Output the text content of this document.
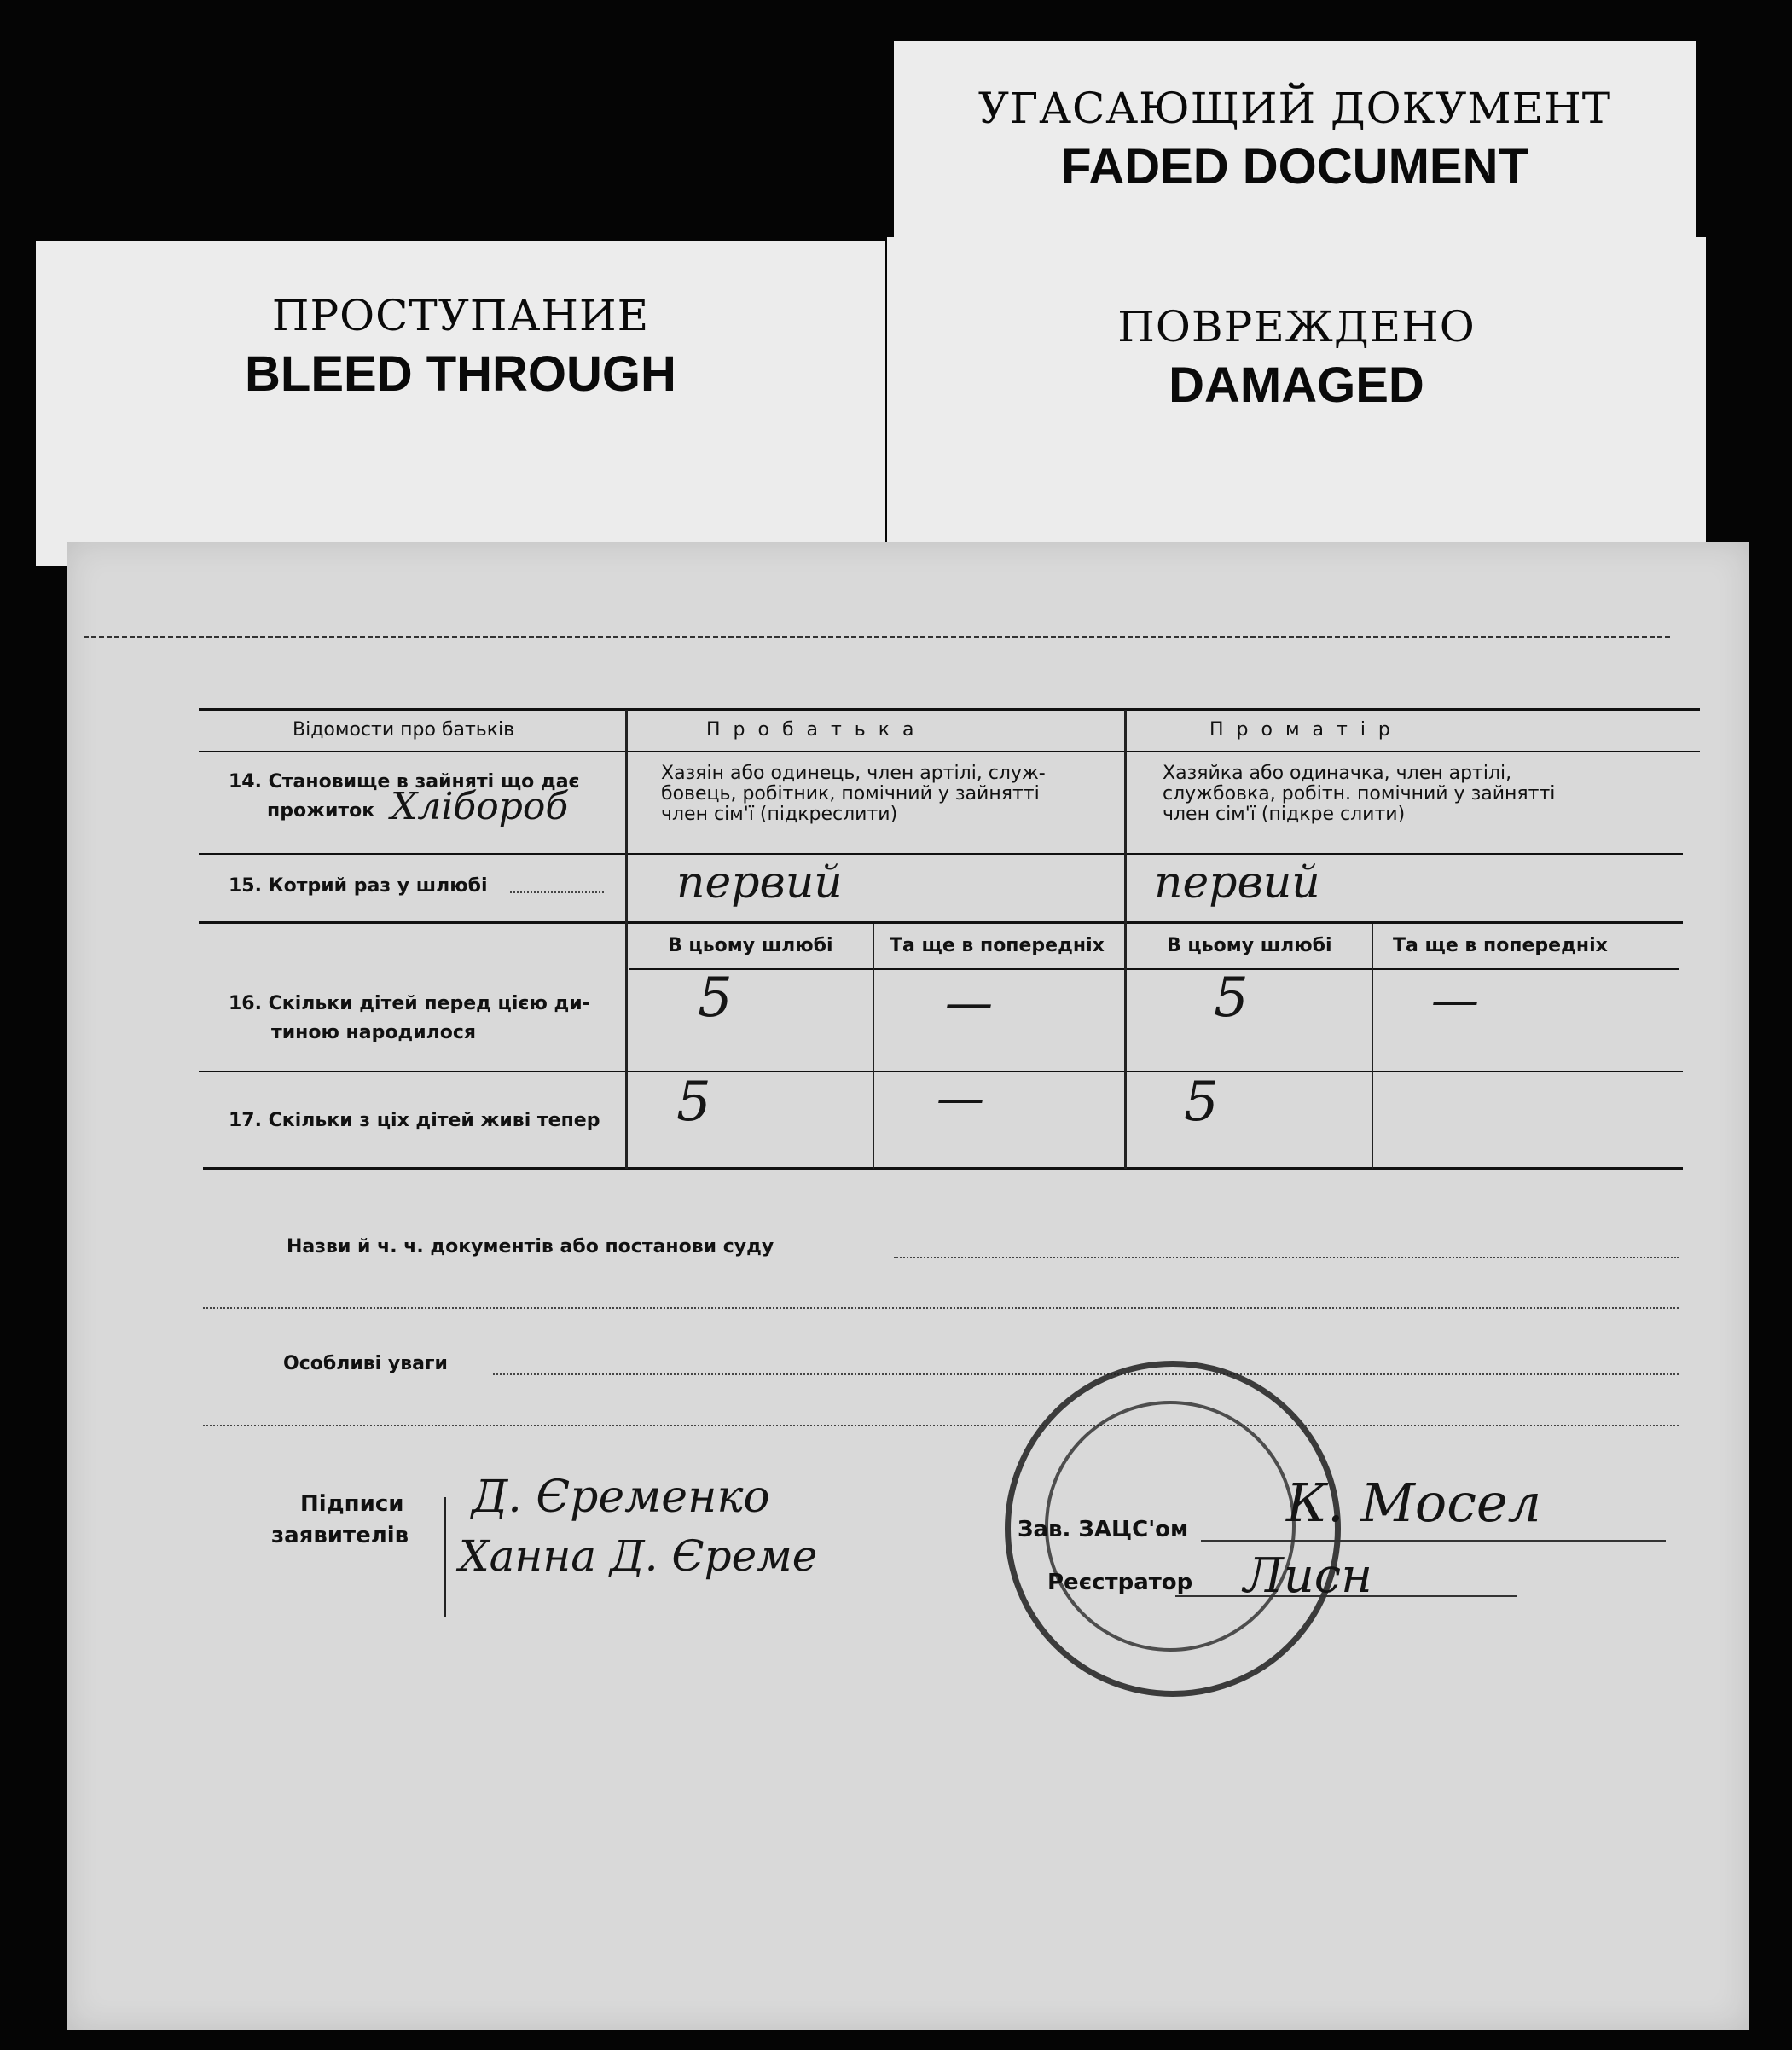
УГАСАЮЩИЙ ДОКУМЕНТ
FADED DOCUMENT
ПРОСТУПАНИЕ
BLEED THROUGH
ПОВРЕЖДЕНО
DAMAGED
Відомости про батьків	П р о б а т ь к а	П р о м а т і р
14. Становище в зайняті що дає
прожиток Хлібороб
Хазяін або одинець, член артілі, служ-
бовець, робітник, помічний у зайнятті
член сім'ї (підкреслити)
Хазяйка або одиначка, член артілі,
службовка, робітн. помічний у зайнятті
член сім'ї (підкре слити)
15. Котрий раз у шлюбі	первий	первий
В цьому шлюбі	Та ще в попередніх	В цьому шлюбі	Та ще в попередніх
16. Скільки дітей перед цією ди-
тиною народилося
5	—	5	—
17. Скільки з ціх дітей живі тепер 5	—	5
Назви й ч. ч. документів або постанови суду
Особливі уваги
Підписи
заявителів
Д. Єременко
Ханна Д. Єреме
Зав. ЗАЦС'ом
Реєстратор
К. Мосел
Лисн
